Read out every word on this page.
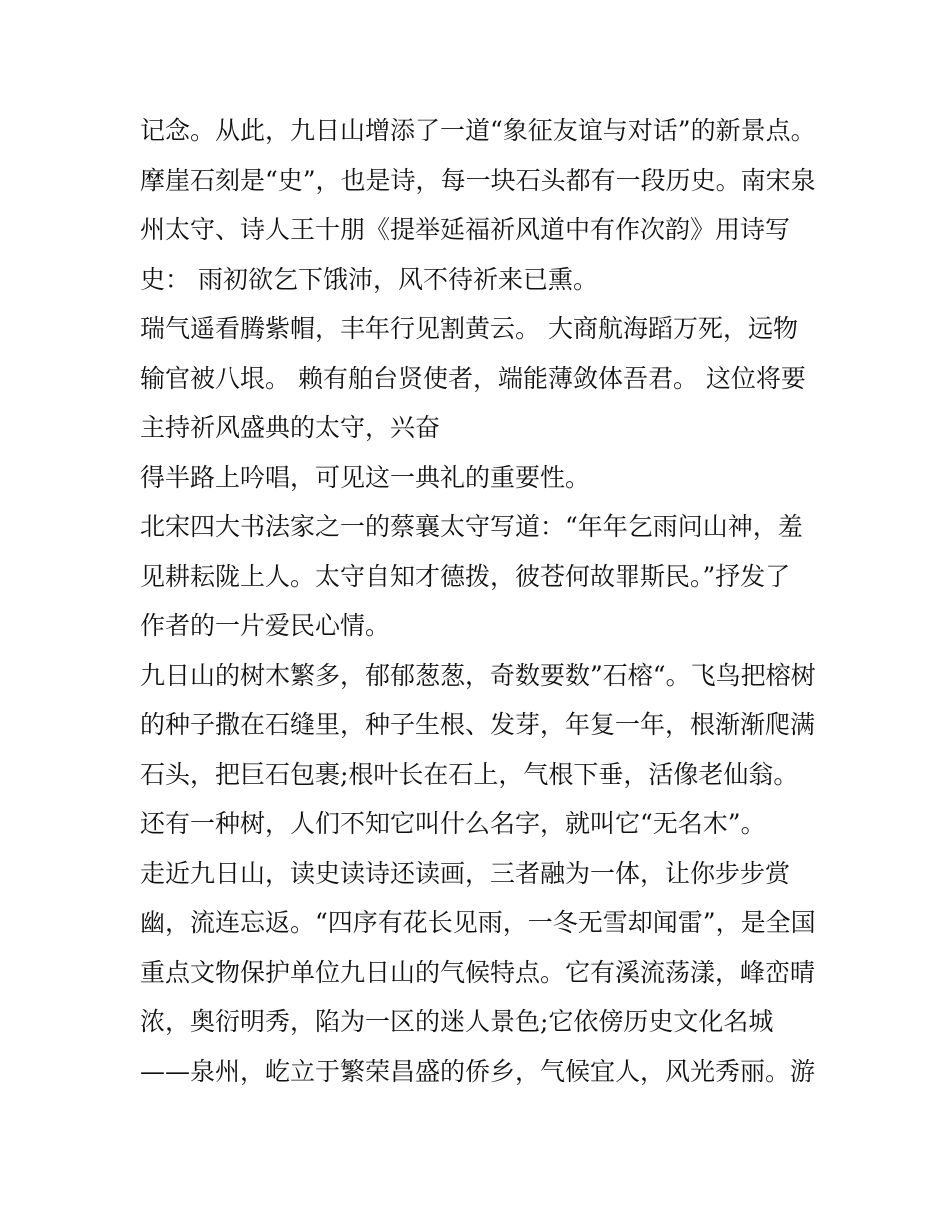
记念。从此，九日山增添了一道“象征友谊与对话”的新景点。
摩崖石刻是“史”，也是诗，每一块石头都有一段历史。南宋泉
州太守、诗人王十朋《提举延福祈风道中有作次韵》用诗写
史： 雨初欲乞下饿沛，风不待祈来已熏。
瑞气遥看腾紫帽，丰年行见割黄云。 大商航海蹈万死，远物
输官被八垠。 赖有舶台贤使者，端能薄敛体吾君。 这位将要
主持祈风盛典的太守，兴奋
得半路上吟唱，可见这一典礼的重要性。
北宋四大书法家之一的蔡襄太守写道：“年年乞雨问山神，羞
见耕耘陇上人。太守自知才德拨，彼苍何故罪斯民。”抒发了
作者的一片爱民心情。
九日山的树木繁多，郁郁葱葱，奇数要数”石榕“。飞鸟把榕树
的种子撒在石缝里，种子生根、发芽，年复一年，根渐渐爬满
石头，把巨石包裹;根叶长在石上，气根下垂，活像老仙翁。
还有一种树，人们不知它叫什么名字，就叫它“无名木”。
走近九日山，读史读诗还读画，三者融为一体，让你步步赏
幽，流连忘返。“四序有花长见雨，一冬无雪却闻雷”，是全国
重点文物保护单位九日山的气候特点。它有溪流荡漾，峰峦晴
浓，奥衍明秀，陷为一区的迷人景色;它依傍历史文化名城
——泉州，屹立于繁荣昌盛的侨乡，气候宜人，风光秀丽。游
